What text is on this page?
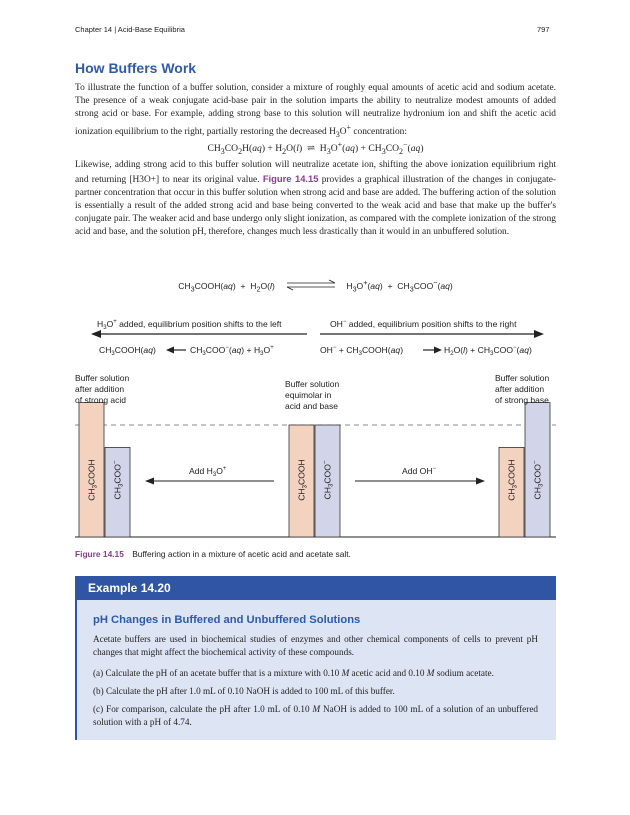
Chapter 14 | Acid-Base Equilibria	797
How Buffers Work

To illustrate the function of a buffer solution, consider a mixture of roughly equal amounts of acetic acid and sodium acetate. The presence of a weak conjugate acid-base pair in the solution imparts the ability to neutralize modest amounts of added strong acid or base. For example, adding strong base to this solution will neutralize hydronium ion and shift the acetic acid ionization equilibrium to the right, partially restoring the decreased $H_3O^+$ concentration:

$CH_3CO_2H(aq) + H_2O(l)$  ⇌  $H_3O^+(aq) + CH_3CO_2^-(aq)$

Likewise, adding strong acid to this buffer solution will neutralize acetate ion, shifting the above ionization equilibrium right and returning [H3O+] to near its original value. Figure 14.15 provides a graphical illustration of the changes in conjugate-partner concentration that occur in this buffer solution when strong acid and base are added. The buffering action of the solution is essentially a result of the added strong acid and base being converted to the weak acid and base that make up the buffer's conjugate pair. The weaker acid and base undergo only slight ionization, as compared with the complete ionization of the strong acid and base, and the solution pH, therefore, changes much less drastically than it would in an unbuffered solution.

$CH_3COOH(aq) + H_2O(l)$	$H_3O^+(aq) + CH_3COO^-(aq)$
$H_3O^+$ added, equilibrium position shifts to the left	OH− added, equilibrium position shifts to the right
$CH_3COOH(aq)$	$CH_3COO^-(aq) + H_3O^+$	$OH^- + CH_3COOH(aq)$	$H_2O(l) + CH_3COO^-(aq)$
$CH_3COOH$
$CH_3COO^-$
$CH_3COOH$
$CH_3COO^-$
$CH_3COOH$
$CH_3COO^-$
Add $H_3O^+$	Add OH−
Buffer solution
after addition
of strong acid
Buffer solution
equimolar in
acid and base
Buffer solution
after addition
of strong base
Figure 14.15 Buffering action in a mixture of acetic acid and acetate salt.
Example 14.20
pH Changes in Buffered and Unbuffered Solutions

Acetate buffers are used in biochemical studies of enzymes and other chemical components of cells to prevent pH changes that might affect the biochemical activity of these compounds.

(a) Calculate the pH of an acetate buffer that is a mixture with 0.10 M acetic acid and 0.10 M sodium acetate.

(b) Calculate the pH after 1.0 mL of 0.10 NaOH is added to 100 mL of this buffer.

(c) For comparison, calculate the pH after 1.0 mL of 0.10 M NaOH is added to 100 mL of a solution of an unbuffered solution with a pH of 4.74.
